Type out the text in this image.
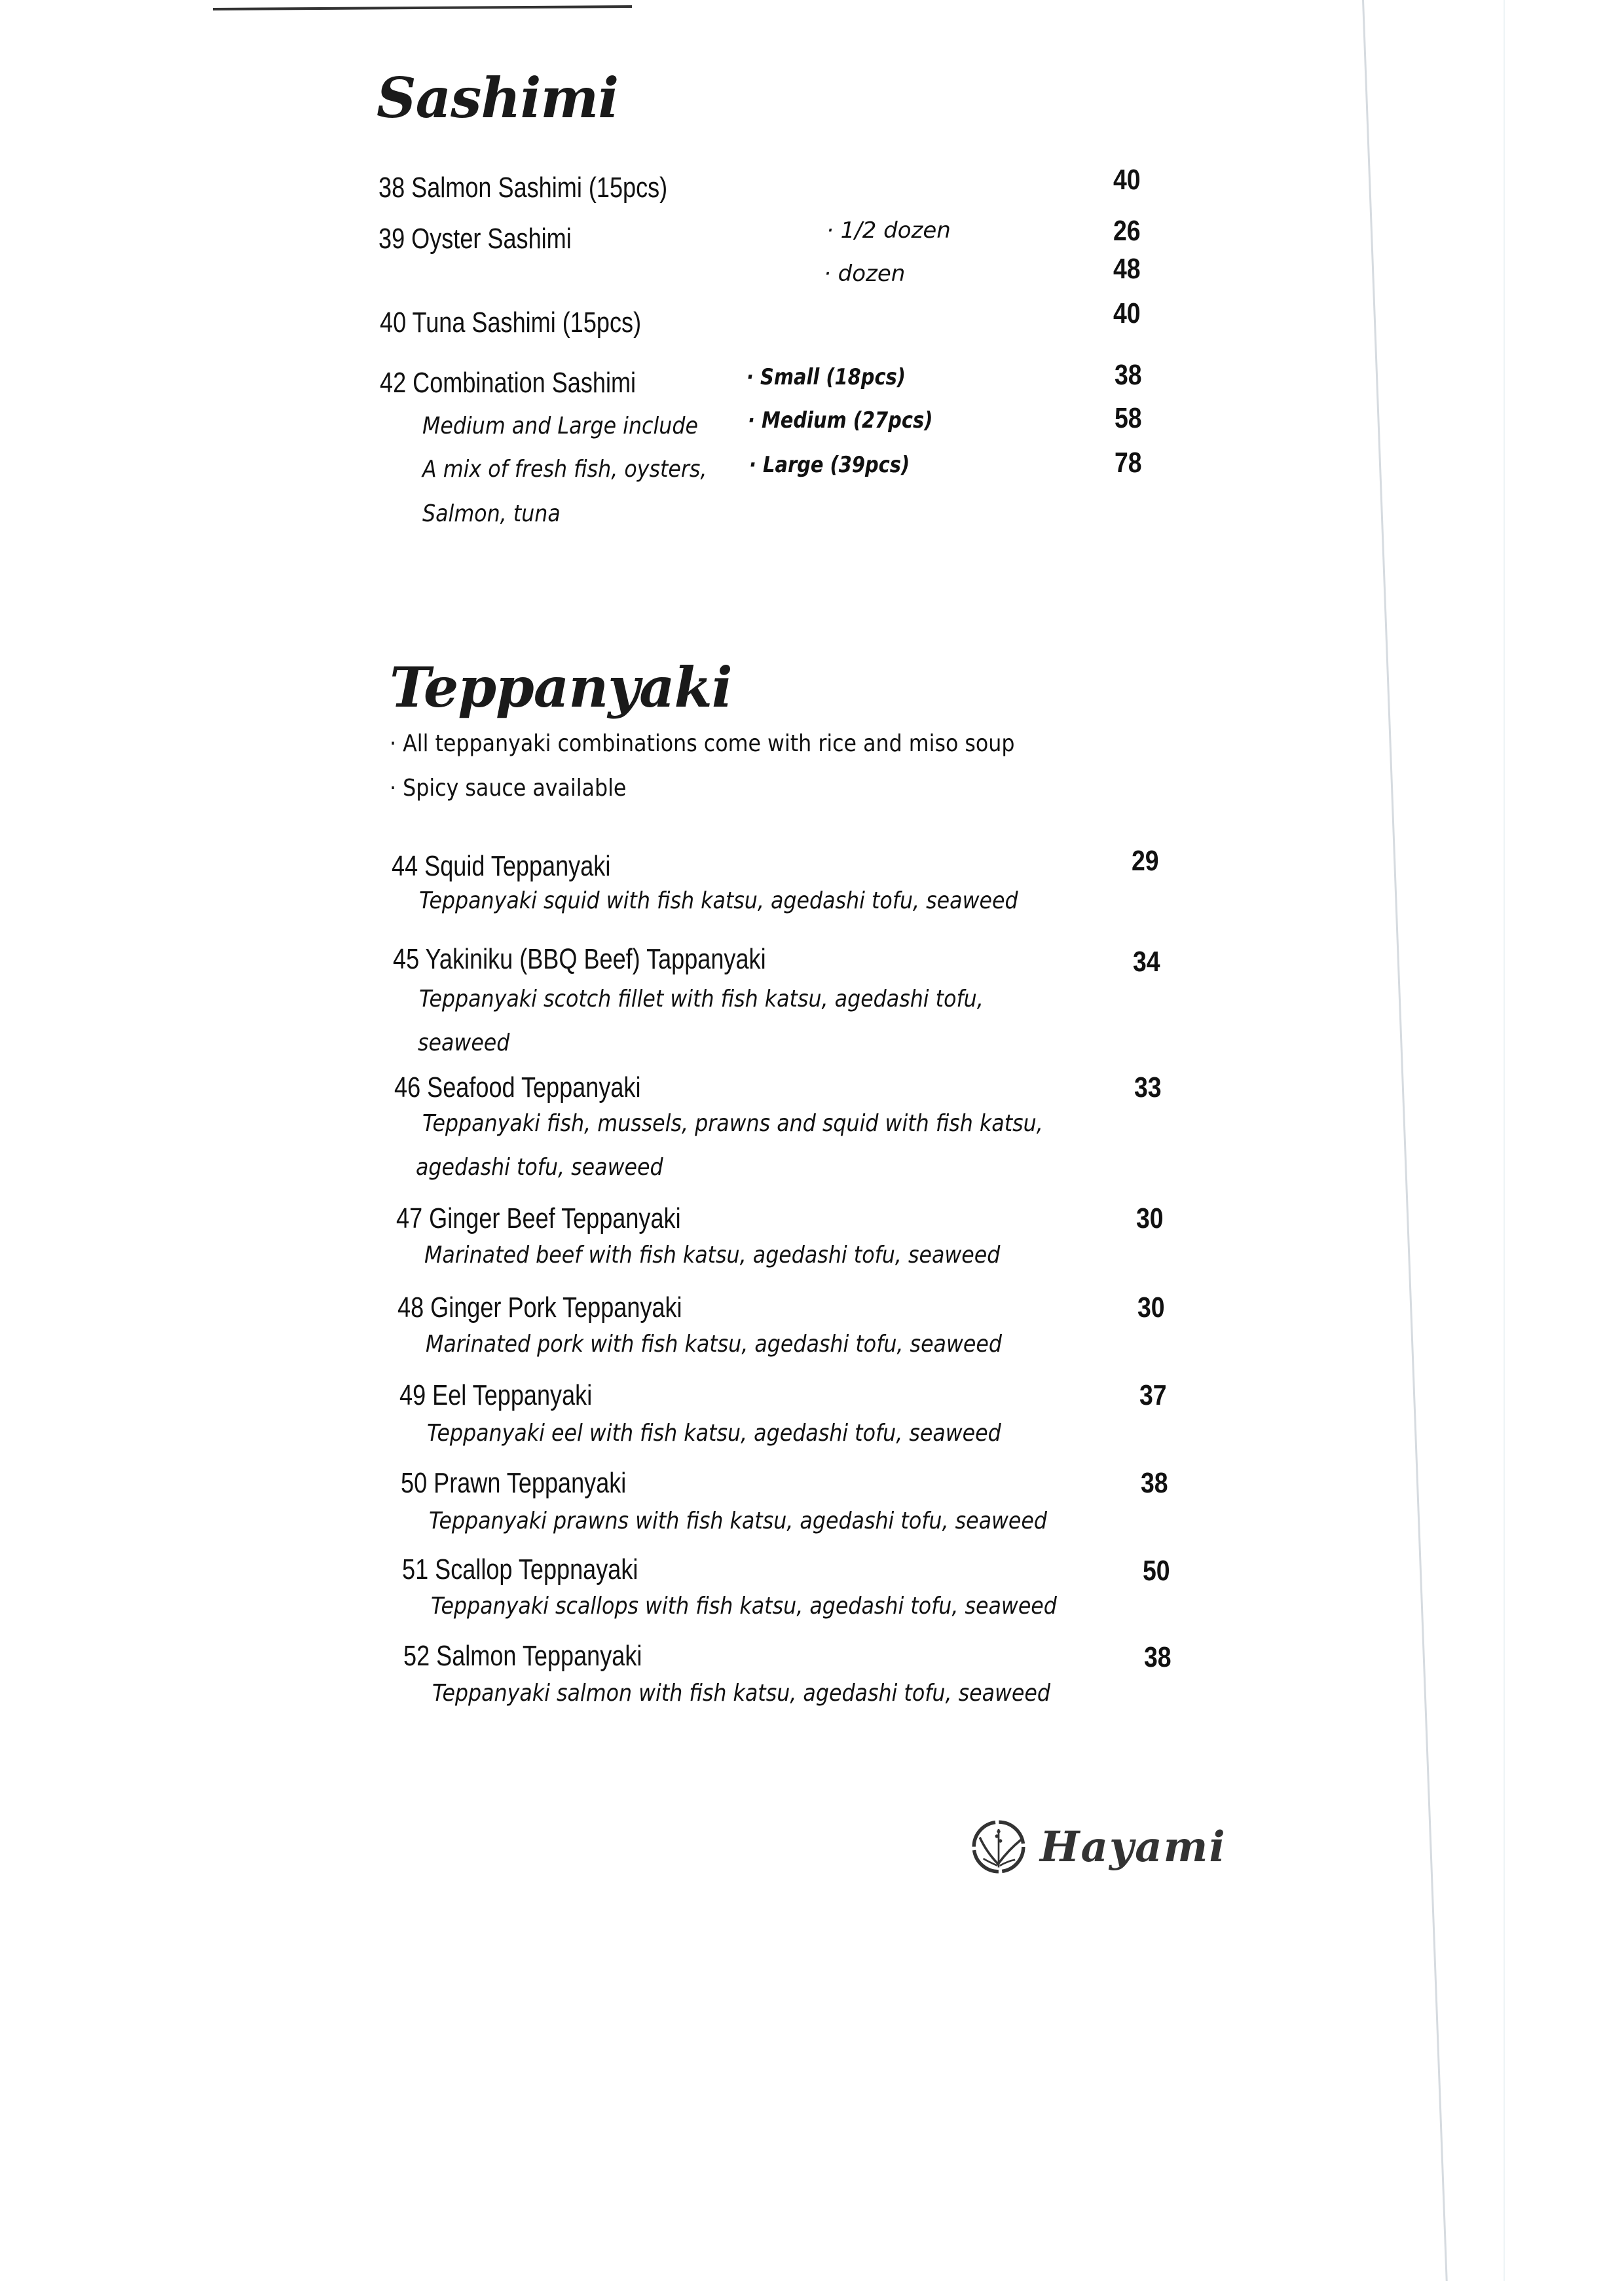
Sashimi
38 Salmon Sashimi (15pcs)	40
39 Oyster Sashimi	· 1/2 dozen	26
· dozen	48
40 Tuna Sashimi (15pcs)	40
42 Combination Sashimi
Medium and Large include
A mix of fresh fish, oysters,
Salmon, tuna
· Small (18pcs)	38
· Medium (27pcs)	58
· Large (39pcs)	78
Teppanyaki
· All teppanyaki combinations come with rice and miso soup
· Spicy sauce available
44 Squid Teppanyaki	29
Teppanyaki squid with fish katsu, agedashi tofu, seaweed
45 Yakiniku (BBQ Beef) Tappanyaki	34
Teppanyaki scotch fillet with fish katsu, agedashi tofu,
seaweed
46 Seafood Teppanyaki	33
Teppanyaki fish, mussels, prawns and squid with fish katsu,
agedashi tofu, seaweed
47 Ginger Beef Teppanyaki	30
Marinated beef with fish katsu, agedashi tofu, seaweed
48 Ginger Pork Teppanyaki	30
Marinated pork with fish katsu, agedashi tofu, seaweed
49 Eel Teppanyaki	37
Teppanyaki eel with fish katsu, agedashi tofu, seaweed
50 Prawn Teppanyaki	38
Teppanyaki prawns with fish katsu, agedashi tofu, seaweed
51 Scallop Teppnayaki	50
Teppanyaki scallops with fish katsu, agedashi tofu, seaweed
52 Salmon Teppanyaki	38
Teppanyaki salmon with fish katsu, agedashi tofu, seaweed
Hayami
